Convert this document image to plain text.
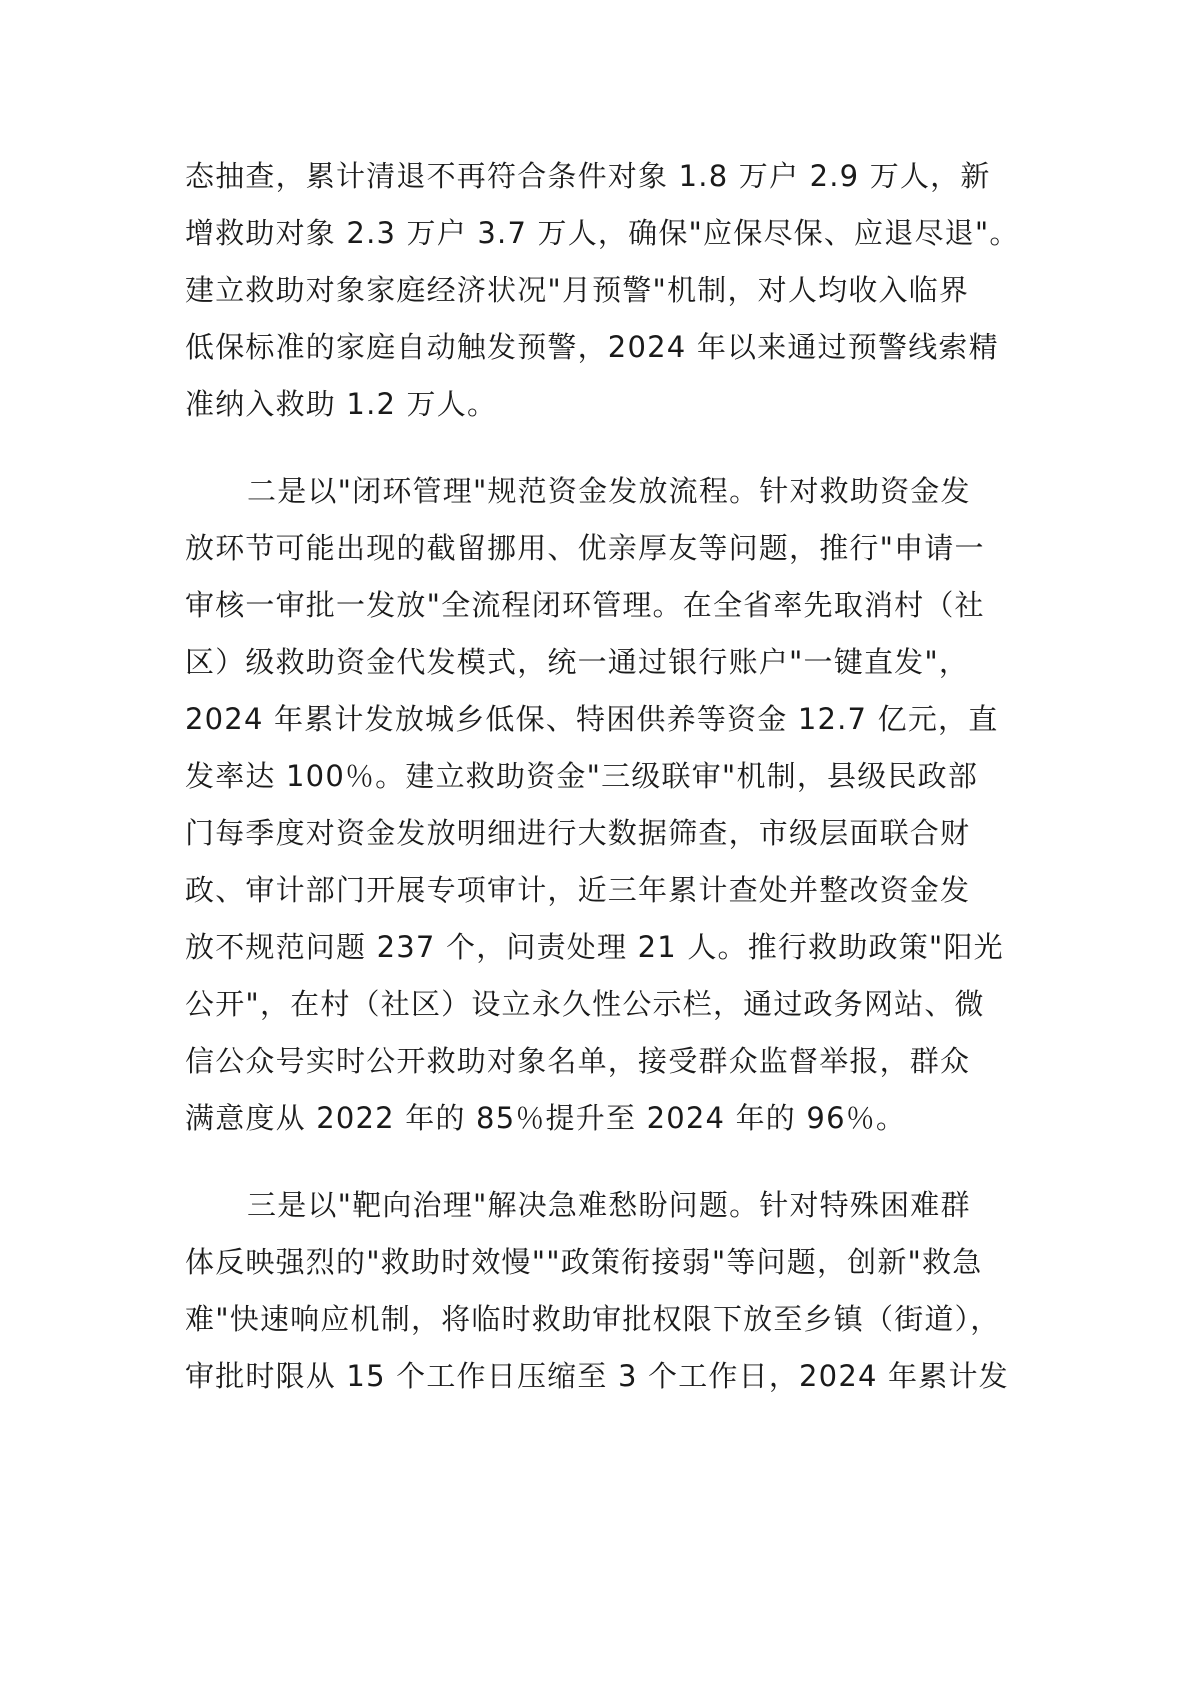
态抽查，累计清退不再符合条件对象 1.8 万户 2.9 万人，新
增救助对象 2.3 万户 3.7 万人，确保"应保尽保、应退尽退"。
建立救助对象家庭经济状况"月预警"机制，对人均收入临界
低保标准的家庭自动触发预警，2024 年以来通过预警线索精
准纳入救助 1.2 万人。
二是以"闭环管理"规范资金发放流程。针对救助资金发
放环节可能出现的截留挪用、优亲厚友等问题，推行"申请一
审核一审批一发放"全流程闭环管理。在全省率先取消村（社
区）级救助资金代发模式，统一通过银行账户"一键直发"，
2024 年累计发放城乡低保、特困供养等资金 12.7 亿元，直
发率达 100％。建立救助资金"三级联审"机制，县级民政部
门每季度对资金发放明细进行大数据筛查，市级层面联合财
政、审计部门开展专项审计，近三年累计查处并整改资金发
放不规范问题 237 个，问责处理 21 人。推行救助政策"阳光
公开"，在村（社区）设立永久性公示栏，通过政务网站、微
信公众号实时公开救助对象名单，接受群众监督举报，群众
满意度从 2022 年的 85％提升至 2024 年的 96％。
三是以"靶向治理"解决急难愁盼问题。针对特殊困难群
体反映强烈的"救助时效慢""政策衔接弱"等问题，创新"救急
难"快速响应机制，将临时救助审批权限下放至乡镇（街道），
审批时限从 15 个工作日压缩至 3 个工作日，2024 年累计发
